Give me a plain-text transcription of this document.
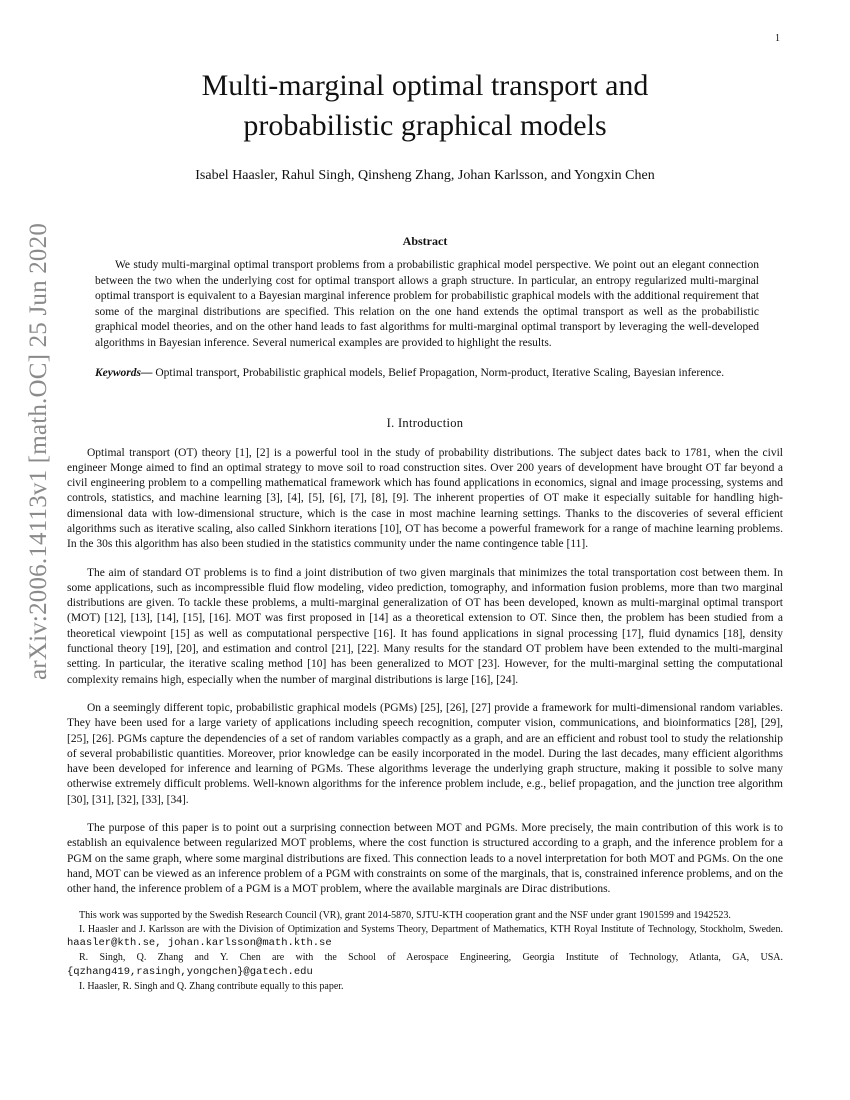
1
arXiv:2006.14113v1 [math.OC] 25 Jun 2020
Multi-marginal optimal transport and
probabilistic graphical models
Isabel Haasler, Rahul Singh, Qinsheng Zhang, Johan Karlsson, and Yongxin Chen
Abstract

We study multi-marginal optimal transport problems from a probabilistic graphical model perspective. We point out an elegant connection between the two when the underlying cost for optimal transport allows a graph structure. In particular, an entropy regularized multi-marginal optimal transport is equivalent to a Bayesian marginal inference problem for probabilistic graphical models with the additional requirement that some of the marginal distributions are specified. This relation on the one hand extends the optimal transport as well as the probabilistic graphical model theories, and on the other hand leads to fast algorithms for multi-marginal optimal transport by leveraging the well-developed algorithms in Bayesian inference. Several numerical examples are provided to highlight the results.

Keywords— Optimal transport, Probabilistic graphical models, Belief Propagation, Norm-product, Iterative Scaling, Bayesian inference.

I. Introduction

Optimal transport (OT) theory [1], [2] is a powerful tool in the study of probability distributions. The subject dates back to 1781, when the civil engineer Monge aimed to find an optimal strategy to move soil to road construction sites. Over 200 years of development have brought OT far beyond a civil engineering problem to a compelling mathematical framework which has found applications in economics, signal and image processing, systems and controls, statistics, and machine learning [3], [4], [5], [6], [7], [8], [9]. The inherent properties of OT make it especially suitable for handling high-dimensional data with low-dimensional structure, which is the case in most machine learning settings. Thanks to the discoveries of several efficient algorithms such as iterative scaling, also called Sinkhorn iterations [10], OT has become a powerful framework for a range of machine learning problems. In the 30s this algorithm has also been studied in the statistics community under the name contingence table [11].

The aim of standard OT problems is to find a joint distribution of two given marginals that minimizes the total transportation cost between them. In some applications, such as incompressible fluid flow modeling, video prediction, tomography, and information fusion problems, more than two marginal distributions are given. To tackle these problems, a multi-marginal generalization of OT has been developed, known as multi-marginal optimal transport (MOT) [12], [13], [14], [15], [16]. MOT was first proposed in [14] as a theoretical extension to OT. Since then, the problem has been studied from a theoretical viewpoint [15] as well as computational perspective [16]. It has found applications in signal processing [17], fluid dynamics [18], density functional theory [19], [20], and estimation and control [21], [22]. Many results for the standard OT problem have been extended to the multi-marginal setting. In particular, the iterative scaling method [10] has been generalized to MOT [23]. However, for the multi-marginal setting the computational complexity remains high, especially when the number of marginal distributions is large [16], [24].

On a seemingly different topic, probabilistic graphical models (PGMs) [25], [26], [27] provide a framework for multi-dimensional random variables. They have been used for a large variety of applications including speech recognition, computer vision, communications, and bioinformatics [28], [29], [25], [26]. PGMs capture the dependencies of a set of random variables compactly as a graph, and are an efficient and robust tool to study the relationship of several probabilistic quantities. Moreover, prior knowledge can be easily incorporated in the model. During the last decades, many efficient algorithms have been developed for inference and learning of PGMs. These algorithms leverage the underlying graph structure, making it possible to solve many otherwise extremely difficult problems. Well-known algorithms for the inference problem include, e.g., belief propagation, and the junction tree algorithm [30], [31], [32], [33], [34].

The purpose of this paper is to point out a surprising connection between MOT and PGMs. More precisely, the main contribution of this work is to establish an equivalence between regularized MOT problems, where the cost function is structured according to a graph, and the inference problem for a PGM on the same graph, where some marginal distributions are fixed. This connection leads to a novel interpretation for both MOT and PGMs. On the one hand, MOT can be viewed as an inference problem of a PGM with constraints on some of the marginals, that is, constrained inference problems, and on the other hand, the inference problem of a PGM is a MOT problem, where the available marginals are Dirac distributions.

This work was supported by the Swedish Research Council (VR), grant 2014-5870, SJTU-KTH cooperation grant and the NSF under grant 1901599 and 1942523.

I. Haasler and J. Karlsson are with the Division of Optimization and Systems Theory, Department of Mathematics, KTH Royal Institute of Technology, Stockholm, Sweden. haasler@kth.se, johan.karlsson@math.kth.se

R. Singh, Q. Zhang and Y. Chen are with the School of Aerospace Engineering, Georgia Institute of Technology, Atlanta, GA, USA. {qzhang419,rasingh,yongchen}@gatech.edu

I. Haasler, R. Singh and Q. Zhang contribute equally to this paper.
